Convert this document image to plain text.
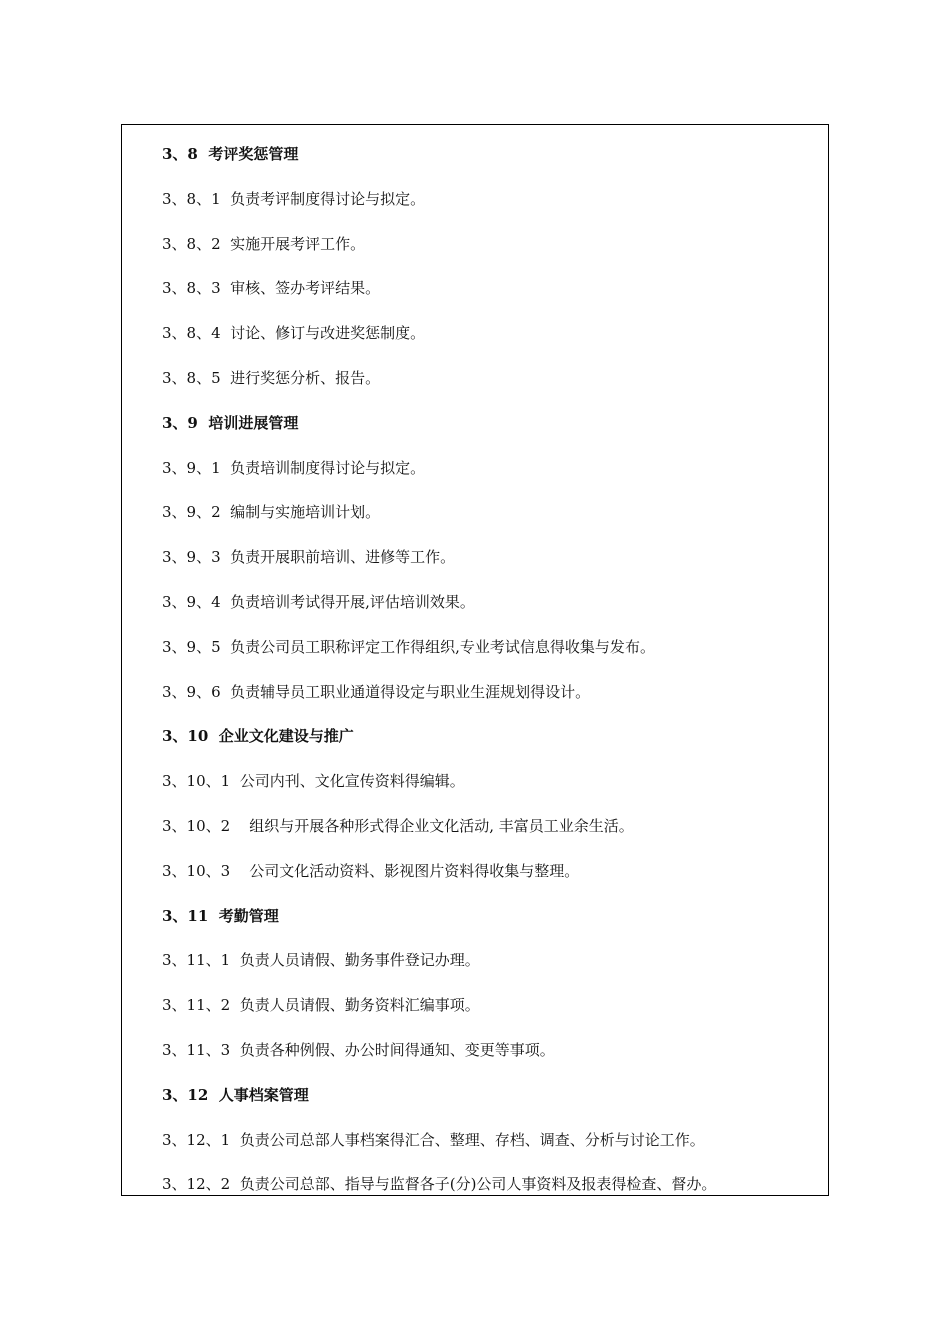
3、8  考评奖惩管理
3、8、1  负责考评制度得讨论与拟定。
3、8、2  实施开展考评工作。
3、8、3  审核、签办考评结果。
3、8、4  讨论、修订与改进奖惩制度。
3、8、5  进行奖惩分析、报告。
3、9  培训进展管理
3、9、1  负责培训制度得讨论与拟定。
3、9、2  编制与实施培训计划。
3、9、3  负责开展职前培训、进修等工作。
3、9、4  负责培训考试得开展,评估培训效果。
3、9、5  负责公司员工职称评定工作得组织,专业考试信息得收集与发布。
3、9、6  负责辅导员工职业通道得设定与职业生涯规划得设计。
3、10  企业文化建设与推广
3、10、1  公司内刊、文化宣传资料得编辑。
3、10、2    组织与开展各种形式得企业文化活动, 丰富员工业余生活。
3、10、3    公司文化活动资料、影视图片资料得收集与整理。
3、11  考勤管理
3、11、1  负责人员请假、勤务事件登记办理。
3、11、2  负责人员请假、勤务资料汇编事项。
3、11、3  负责各种例假、办公时间得通知、变更等事项。
3、12  人事档案管理
3、12、1  负责公司总部人事档案得汇合、整理、存档、调查、分析与讨论工作。
3、12、2  负责公司总部、指导与监督各子(分)公司人事资料及报表得检查、督办。
